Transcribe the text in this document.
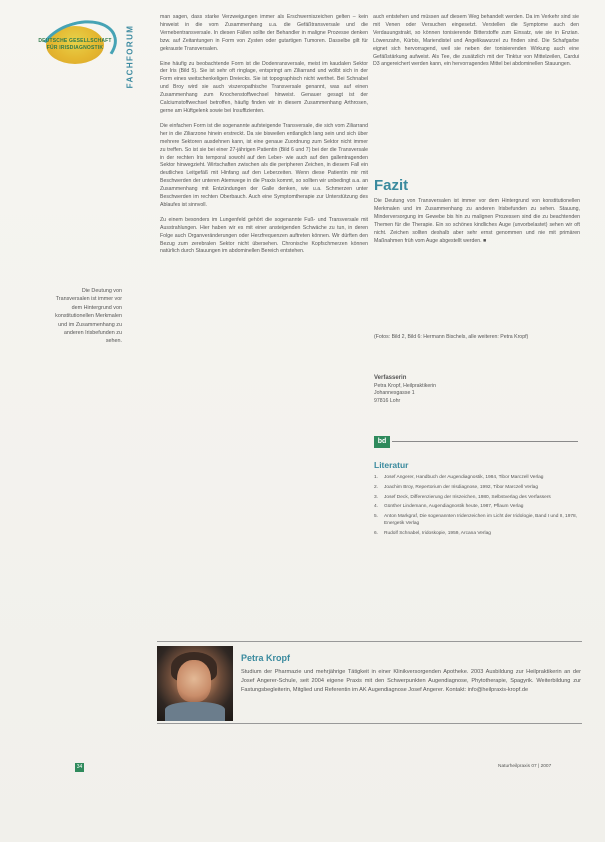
DEUTSCHE GESELLSCHAFT
FÜR IRISDIAGNOSTIK	FACHFORUM
Die Deutung von Transversalen ist immer vor dem Hintergrund von konstitutionellen Merkmalen und im Zusammenhang zu anderen Irisbefunden zu sehen.

man sagen, dass starke Verzweigungen immer als Erschwerniszeichen gelten – kein hinweist in die vom Zusammenhang u.a. die Gefäßtransversale und die Vernebentransversale. In diesen Fällen sollte der Behandler in maligne Prozesse denken bzw. auf Zeitantungen in Form von Zysten oder gutartigen Tumoren. Dasselbe gilt für gekrauste Transversalen.

Eine häufig zu beobachtende Form ist die Dodenransversale, meist im kaudalen Sektor der Iris (Bild 5). Sie ist sehr oft ringlage, entspringt am Ziliarrand und wölbt sich in der Form eines weitschenkeligen Dreiecks. Sie ist topographisch nicht werthet. Bei Schnabel und Broy wird sie auch viszeropathische Transversale genannt, was auf einen Zusammenhang zum Knochenstoffwechsel hinweist. Genauer gesagt ist der Calciumstoffwechsel betroffen, häufig finden wir in diesem Zusammenhang Arthrosen, gerne am Hüftgelenk sowie bei Insuffizienten.

Die einfachen Form ist die sogenannte aufsteigende Transversale, die sich vom Ziliarrand her in die Ziliarzone hinein erstreckt. Da sie bisweilen entlanglich lang sein und sich über mehrere Sektoren ausdehnen kann, ist eine genaue Zuordnung zum Sektor nicht immer zu treffen. So ist sie bei einer 27-jährigen Patientin (Bild 6 und 7) bei der die Transversale in der rechten Iris temporal sowohl auf den Leber- wie auch auf den gallentragenden Sektor hinwegzieht. Wirtschaften zwischen als die peripheren Zeichen, in diesem Fall ein deutliches Leitgefäß mit Hinfang auf den Leberzeiten. Wenn diese Patientin mir mit Beschwerden der unteren Atemwege in die Praxis kommt, so sollten wir unbedingt a.a. an Zusammenhang mit Entzündungen der Galle denken, wie u.a. Schmerzen unter Beschwerden im rechten Oberbauch. Auch eine Symptomtherapie zur Unterstützung des Ablaufes ist sinnvoll.

Zu einem besonders im Lungenfeld gehört die sogenannte Fuß- und Transversale mit Ausstrahlungen. Hier haben wir es mit einer ansteigenden Schwäche zu tun, in deren Folge auch Organveränderungen oder Herzfrequenzen auftreten können. Wir dürften den Bezug zum zerebralen Sektor nicht übersehen. Chronische Kopfschmerzen können natürlich durch Stauungen im abdominellen Bereich entstehen.

auch entstehen und müssen auf diesem Weg behandelt werden. Da im Verkehr sind sie mit Venen oder Versuchen eingesetzt. Verstellen die Symptome auch den Verdauungstrakt, so können tonisierende Bitterstoffe zum Einsatz, wie sie in Enzian. Löwenzahn, Kürbis, Mariendistel und Angelikawurzel zu finden sind. Die Schafgarbe eignet sich hervorragend, weil sie neben der tonisierenden Wirkung auch eine Gefäßstärkung aufweist. Als Tee, die zusätzlich mit der Tinktur von Mittelzeilen, Cardui D3 angereichert werden kann, ein hervorragendes Mittel bei abdominellen Stauungen.

Fazit

Die Deutung von Transversalen ist immer vor dem Hintergrund von konstitutionellen Merkmalen und im Zusammenhang zu anderen Irisbefunden zu sehen. Stauung, Minderversorgung im Gewebe bis hin zu malignen Prozessen sind die zu beachtenden Themen für die Therapie. Ein so schönes kindliches Auge (unvorbelastet) sehen wir oft nicht. Zeichen sollten deshalb aber sehr ernst genommen und nie mit primären Maßnahmen früh vom Auge abgestellt werden. ■

(Fotos: Bild 2, Bild 6: Hermann Bischels, alle weiteren: Petra Kropf)
Verfasserin
Petra Kropf, Heilpraktikerin
Johannesgasse 1
97816 Lohr
bd
Literatur
1.	Josef Angerer, Handbuch der Augendiagnostik, 1984, Tibor Marczell Verlag
2.	Joachim Broy, Repertorium der Irisdiagnose, 1992, Tibor Marczell Verlag
3.	Josef Deck, Differenzierung der Iriszeichen, 1980, Selbstverlag des Verfassers
4.	Günther Lindemann, Augendiagnostik heute, 1987, Pflaum Verlag
5.	Anton Markgraf, Die sogenannten Iridenzeichen im Licht der Iridologie, Band I und II, 1978, Energetik Verlag
6.	Rudolf Schnabel, Iridoskopie, 1959, Arcana Verlag
Petra Kropf
Studium der Pharmazie und mehrjährige Tätigkeit in einer Klinikversorgenden Apotheke. 2003 Ausbildung zur Heilpraktikerin an der Josef Angerer-Schule, seit 2004 eigene Praxis mit den Schwerpunkten Augendiagnose, Phytotherapie, Spagyrik. Weiterbildung zur Fastungsbegleiterin, Mitglied und Referentin im AK Augendiagnose Josef Angerer. Kontakt: info@heilpraxis-kropf.de
34	Naturheilpraxis 07 | 2007
